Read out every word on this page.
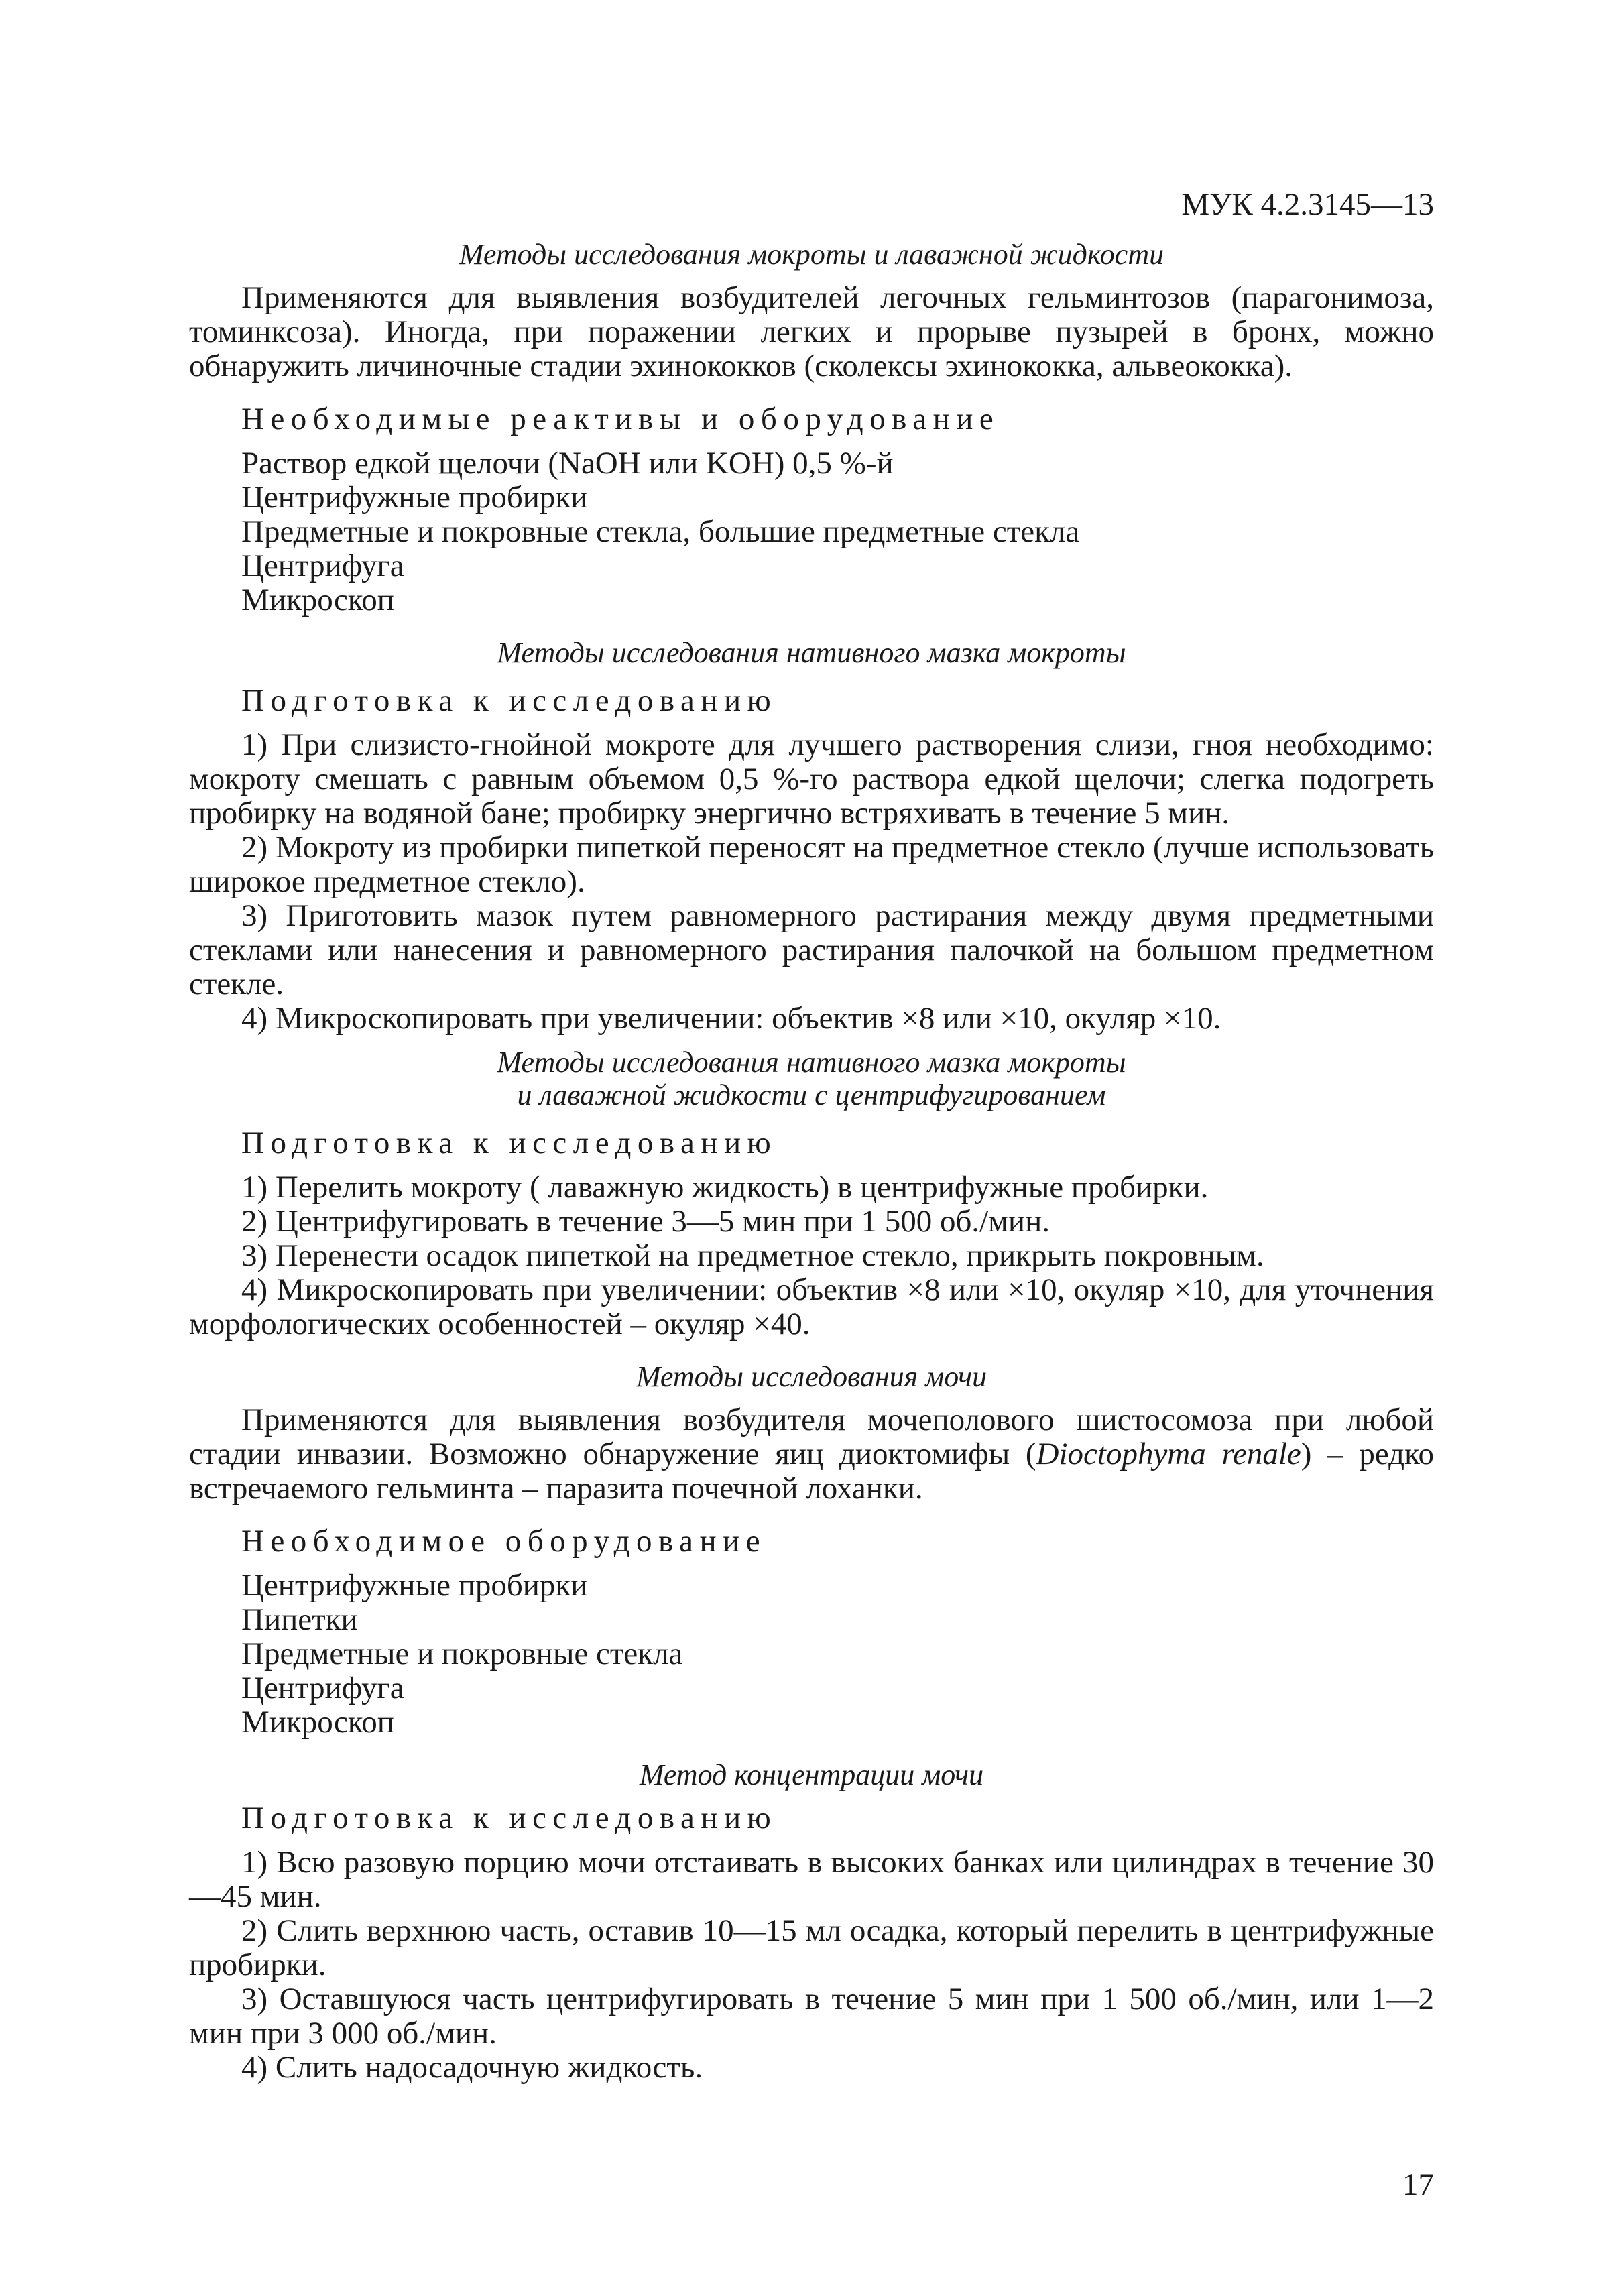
МУК 4.2.3145—13

Методы исследования мокроты и лаважной жидкости

Применяются для выявления возбудителей легочных гельминтозов (парагонимоза, томинксоза). Иногда, при поражении легких и прорыве пузырей в бронх, можно обнаружить личиночные стадии эхинококков (сколексы эхинококка, альвеококка).

Необходимые реактивы и оборудование

Раствор едкой щелочи (NaOH или KOH) 0,5 %-й

Центрифужные пробирки

Предметные и покровные стекла, большие предметные стекла

Центрифуга

Микроскоп

Методы исследования нативного мазка мокроты

Подготовка к исследованию

1) При слизисто-гнойной мокроте для лучшего растворения слизи, гноя необходимо: мокроту смешать с равным объемом 0,5 %-го раствора едкой щелочи; слегка подогреть пробирку на водяной бане; пробирку энергично встряхивать в течение 5 мин.

2) Мокроту из пробирки пипеткой переносят на предметное стекло (лучше использовать широкое предметное стекло).

3) Приготовить мазок путем равномерного растирания между двумя предметными стеклами или нанесения и равномерного растирания палочкой на большом предметном стекле.

4) Микроскопировать при увеличении: объектив ×8 или ×10, окуляр ×10.

Методы исследования нативного мазка мокроты

и лаважной жидкости с центрифугированием

Подготовка к исследованию

1) Перелить мокроту ( лаважную жидкость) в центрифужные пробирки.

2) Центрифугировать в течение 3—5 мин при 1 500 об./мин.

3) Перенести осадок пипеткой на предметное стекло, прикрыть покровным.

4) Микроскопировать при увеличении: объектив ×8 или ×10, окуляр ×10, для уточнения морфологических особенностей – окуляр ×40.

Методы исследования мочи

Применяются для выявления возбудителя мочеполового шистосомоза при любой стадии инвазии. Возможно обнаружение яиц диоктомифы (Dioctophyma renale) – редко встречаемого гельминта – паразита почечной лоханки.

Необходимое оборудование

Центрифужные пробирки

Пипетки

Предметные и покровные стекла

Центрифуга

Микроскоп

Метод концентрации мочи

Подготовка к исследованию

1) Всю разовую порцию мочи отстаивать в высоких банках или цилиндрах в течение 30—45 мин.

2) Слить верхнюю часть, оставив 10—15 мл осадка, который перелить в центрифужные пробирки.

3) Оставшуюся часть центрифугировать в течение 5 мин при 1 500 об./мин, или 1—2 мин при 3 000 об./мин.

4) Слить надосадочную жидкость.

17
